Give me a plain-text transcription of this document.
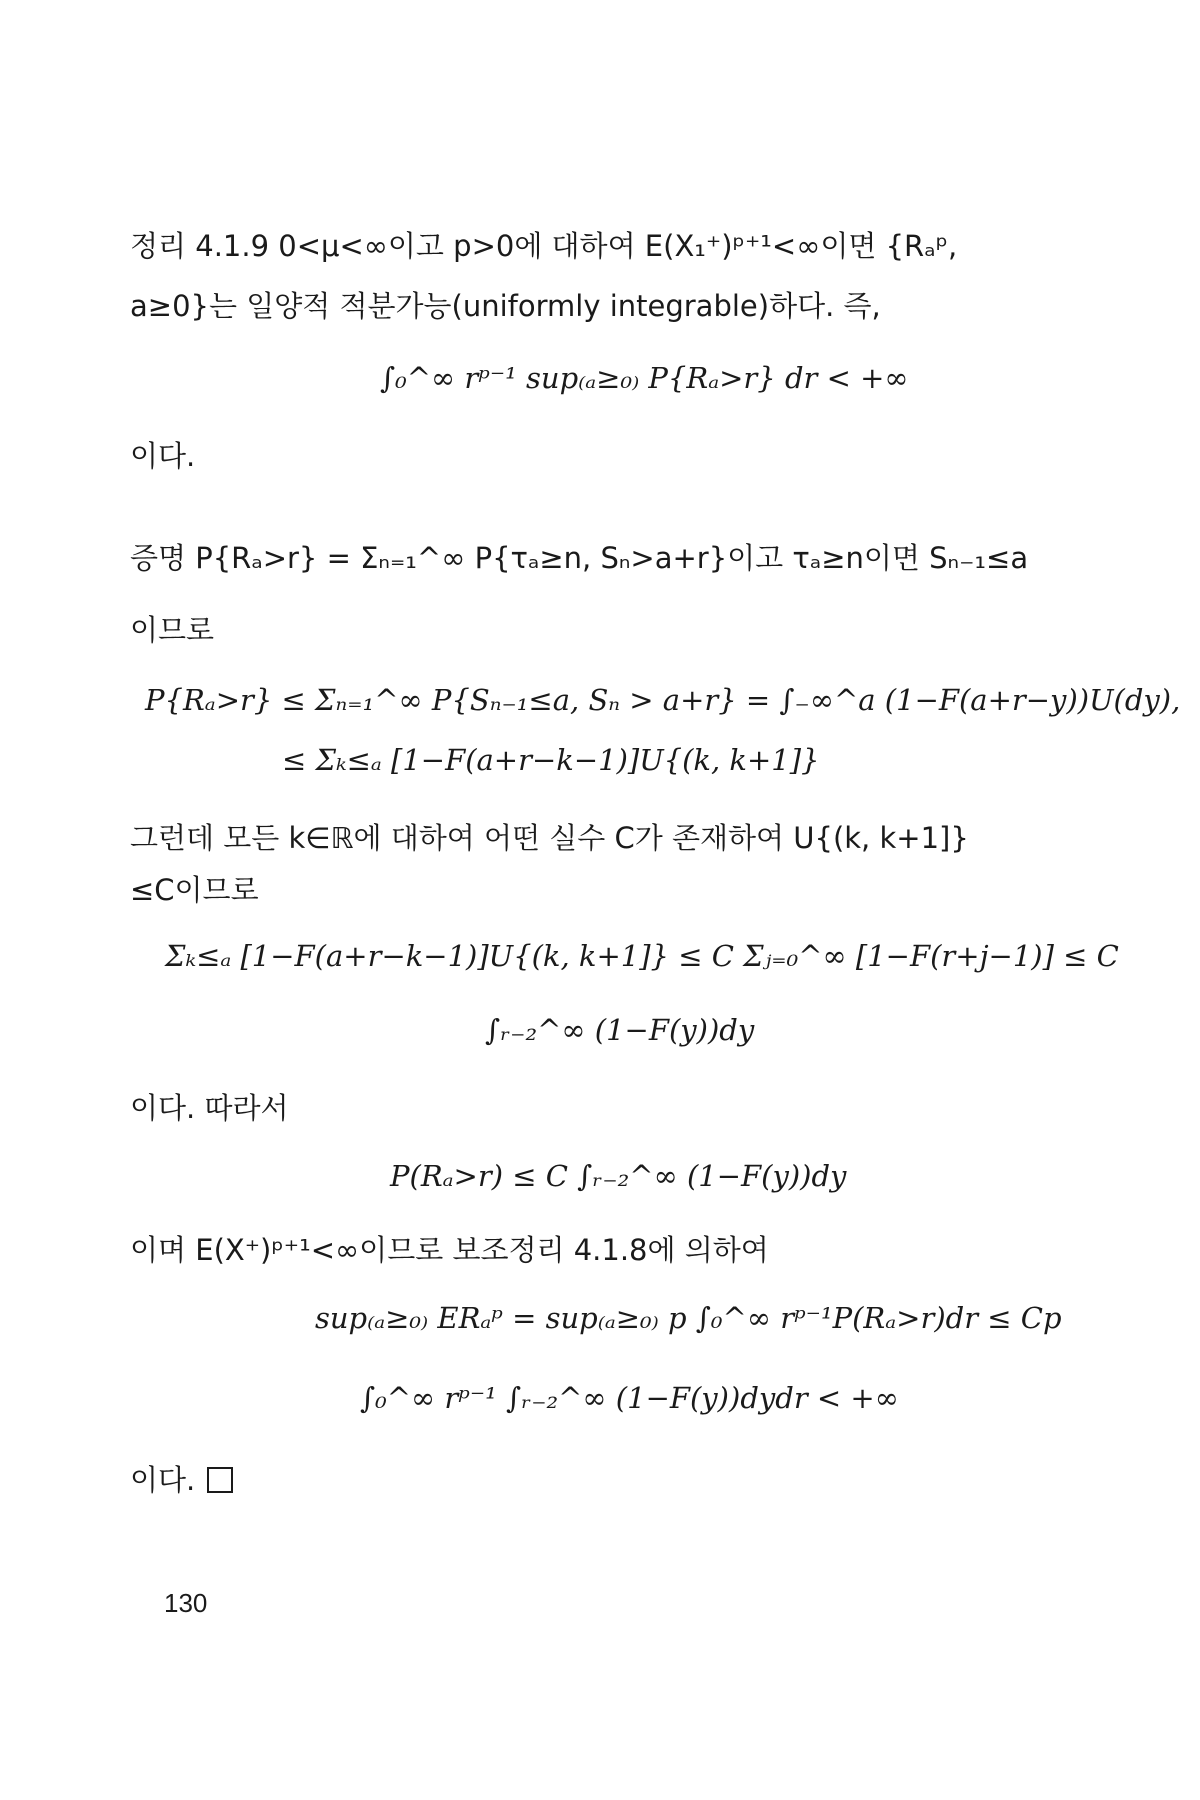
정리 4.1.9 0<μ<∞이고 p>0에 대하여 E(X₁⁺)ᵖ⁺¹<∞이면 {Rₐᵖ,
a≥0}는 일양적 적분가능(uniformly integrable)하다. 즉,
∫₀^∞ rᵖ⁻¹ sup₍ₐ≥₀₎ P{Rₐ>r} dr < +∞
이다.
증명 P{Rₐ>r} = Σₙ₌₁^∞ P{τₐ≥n, Sₙ>a+r}이고 τₐ≥n이면 Sₙ₋₁≤a
이므로
P{Rₐ>r} ≤ Σₙ₌₁^∞ P{Sₙ₋₁≤a, Sₙ > a+r} = ∫₋∞^a (1−F(a+r−y))U(dy),
≤ Σₖ≤ₐ [1−F(a+r−k−1)]U{(k, k+1]}
그런데 모든 k∈ℝ에 대하여 어떤 실수 C가 존재하여 U{(k, k+1]}
≤C이므로
Σₖ≤ₐ [1−F(a+r−k−1)]U{(k, k+1]} ≤ C Σⱼ₌₀^∞ [1−F(r+j−1)] ≤ C
∫ᵣ₋₂^∞ (1−F(y))dy
이다. 따라서
P(Rₐ>r) ≤ C ∫ᵣ₋₂^∞ (1−F(y))dy
이며 E(X⁺)ᵖ⁺¹<∞이므로 보조정리 4.1.8에 의하여
sup₍ₐ≥₀₎ ERₐᵖ = sup₍ₐ≥₀₎ p ∫₀^∞ rᵖ⁻¹P(Rₐ>r)dr ≤ Cp
∫₀^∞ rᵖ⁻¹ ∫ᵣ₋₂^∞ (1−F(y))dydr < +∞
이다.
130
